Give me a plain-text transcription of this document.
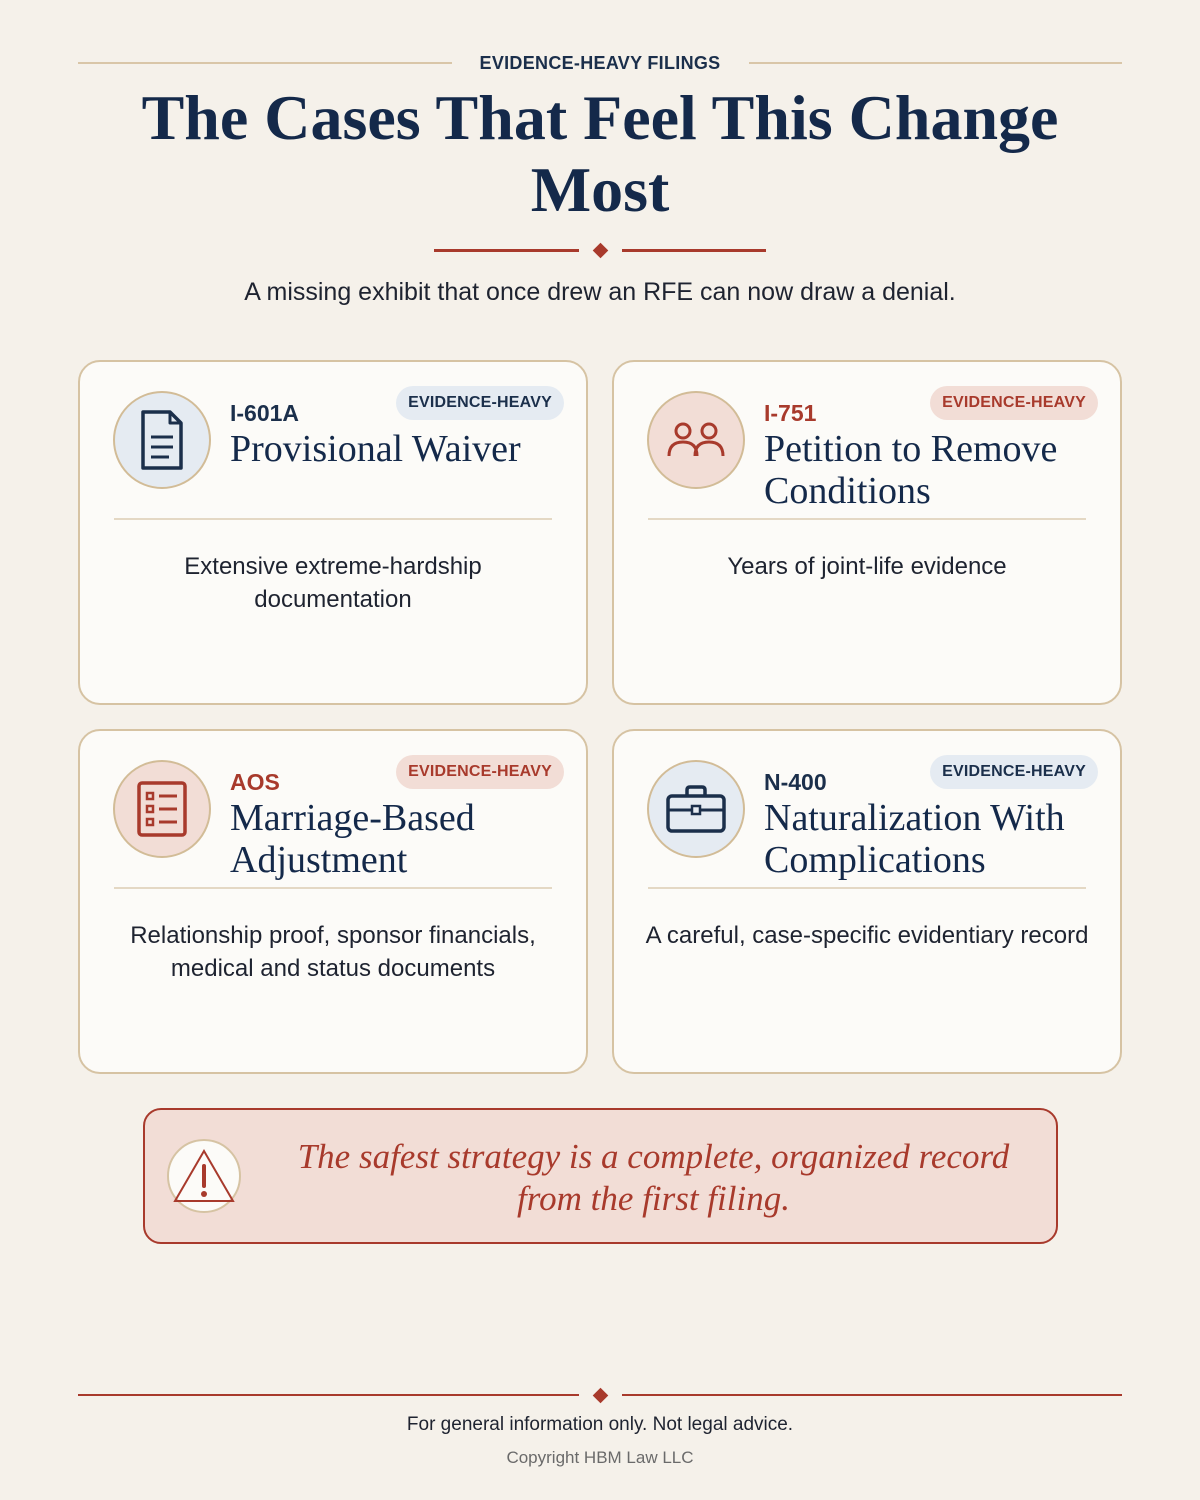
EVIDENCE-HEAVY FILINGS
The Cases That Feel This Change Most

A missing exhibit that once drew an RFE can now draw a denial.

I-601A	EVIDENCE-HEAVY
Provisional Waiver
Extensive extreme-hardship documentation
I-751	EVIDENCE-HEAVY
Petition to Remove Conditions
Years of joint-life evidence
AOS	EVIDENCE-HEAVY
Marriage-Based Adjustment
Relationship proof, sponsor financials, medical and status documents
N-400	EVIDENCE-HEAVY
Naturalization With Complications
A careful, case-specific evidentiary record
The safest strategy is a complete, organized record from the first filing.
For general information only. Not legal advice.
Copyright HBM Law LLC
